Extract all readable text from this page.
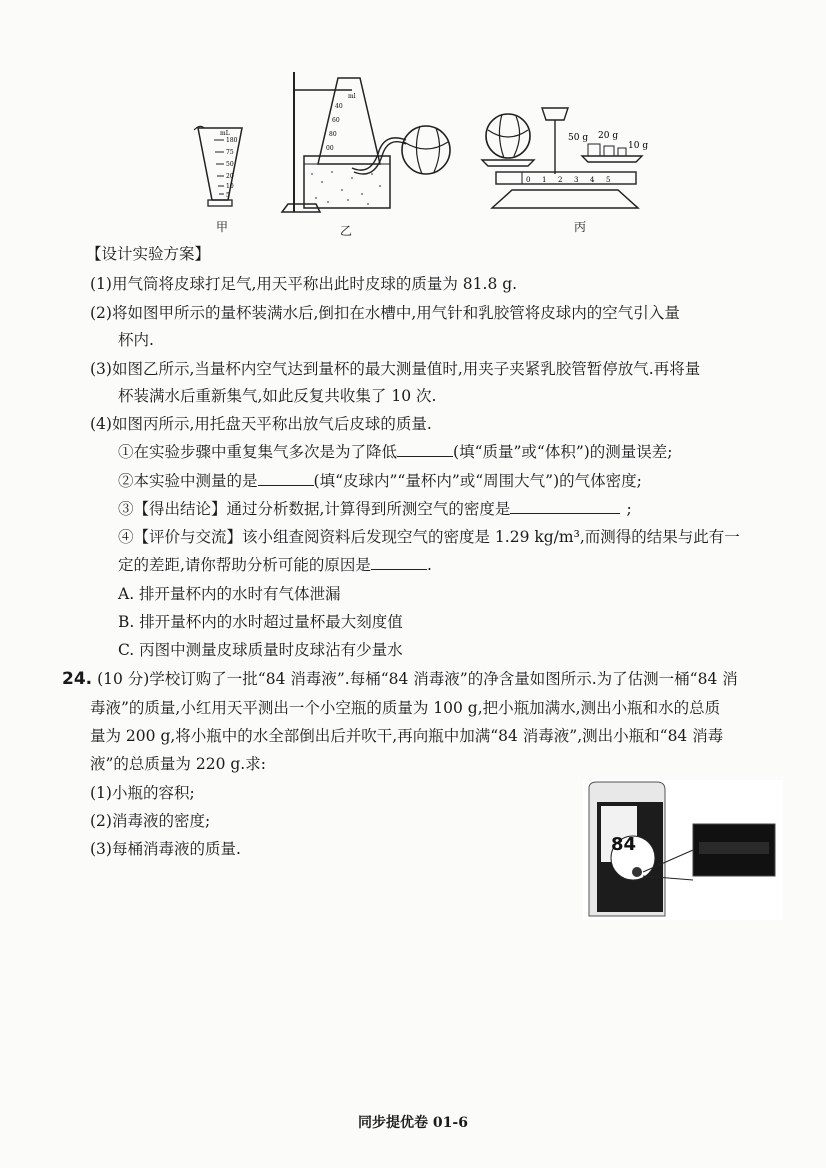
mL
180
75
50
20
10
5
甲
40
60
80
00
ml
乙
50 g 20 g
10 g
0 1 2 3 4 5
丙
【设计实验方案】
(1)用气筒将皮球打足气,用天平称出此时皮球的质量为 81.8 g.
(2)将如图甲所示的量杯装满水后,倒扣在水槽中,用气针和乳胶管将皮球内的空气引入量
杯内.
(3)如图乙所示,当量杯内空气达到量杯的最大测量值时,用夹子夹紧乳胶管暂停放气.再将量
杯装满水后重新集气,如此反复共收集了 10 次.
(4)如图丙所示,用托盘天平称出放气后皮球的质量.
①在实验步骤中重复集气多次是为了降低	(填“质量”或“体积”)的测量误差;
②本实验中测量的是	(填“皮球内”“量杯内”或“周围大气”)的气体密度;
③【得出结论】通过分析数据,计算得到所测空气的密度是	;
④【评价与交流】该小组查阅资料后发现空气的密度是 1.29 kg/m³,而测得的结果与此有一
定的差距,请你帮助分析可能的原因是	.
A. 排开量杯内的水时有气体泄漏
B. 排开量杯内的水时超过量杯最大刻度值
C. 丙图中测量皮球质量时皮球沾有少量水
24. (10 分)学校订购了一批“84 消毒液”.每桶“84 消毒液”的净含量如图所示.为了估测一桶“84 消
毒液”的质量,小红用天平测出一个小空瓶的质量为 100 g,把小瓶加满水,测出小瓶和水的总质
量为 200 g,将小瓶中的水全部倒出后并吹干,再向瓶中加满“84 消毒液”,测出小瓶和“84 消毒
液”的总质量为 220 g.求:
(1)小瓶的容积;
(2)消毒液的密度;
(3)每桶消毒液的质量.	84
同步提优卷 01-6
